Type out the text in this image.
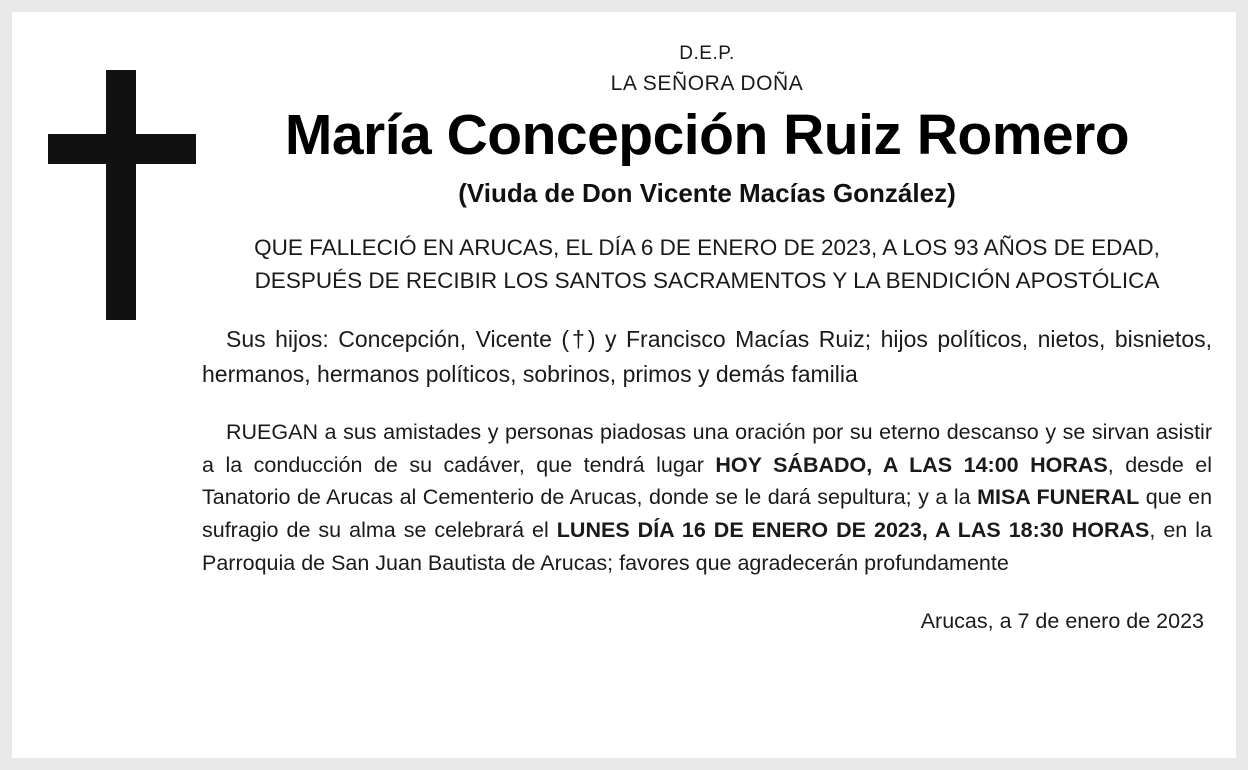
D.E.P.
LA SEÑORA DOÑA
María Concepción Ruiz Romero
(Viuda de Don Vicente Macías González)
QUE FALLECIÓ EN ARUCAS, EL DÍA 6 DE ENERO DE 2023, A LOS 93 AÑOS DE EDAD, DESPUÉS DE RECIBIR LOS SANTOS SACRAMENTOS Y LA BENDICIÓN APOSTÓLICA
Sus hijos: Concepción, Vicente (†) y Francisco Macías Ruiz; hijos políticos, nietos, bisnietos, hermanos, hermanos políticos, sobrinos, primos y demás familia
RUEGAN a sus amistades y personas piadosas una oración por su eterno descanso y se sirvan asistir a la conducción de su cadáver, que tendrá lugar HOY SÁBADO, A LAS 14:00 HORAS, desde el Tanatorio de Arucas al Cementerio de Arucas, donde se le dará sepultura; y a la MISA FUNERAL que en sufragio de su alma se celebrará el LUNES DÍA 16 DE ENERO DE 2023, A LAS 18:30 HORAS, en la Parroquia de San Juan Bautista de Arucas; favores que agradecerán profundamente
Arucas, a 7 de enero de 2023
